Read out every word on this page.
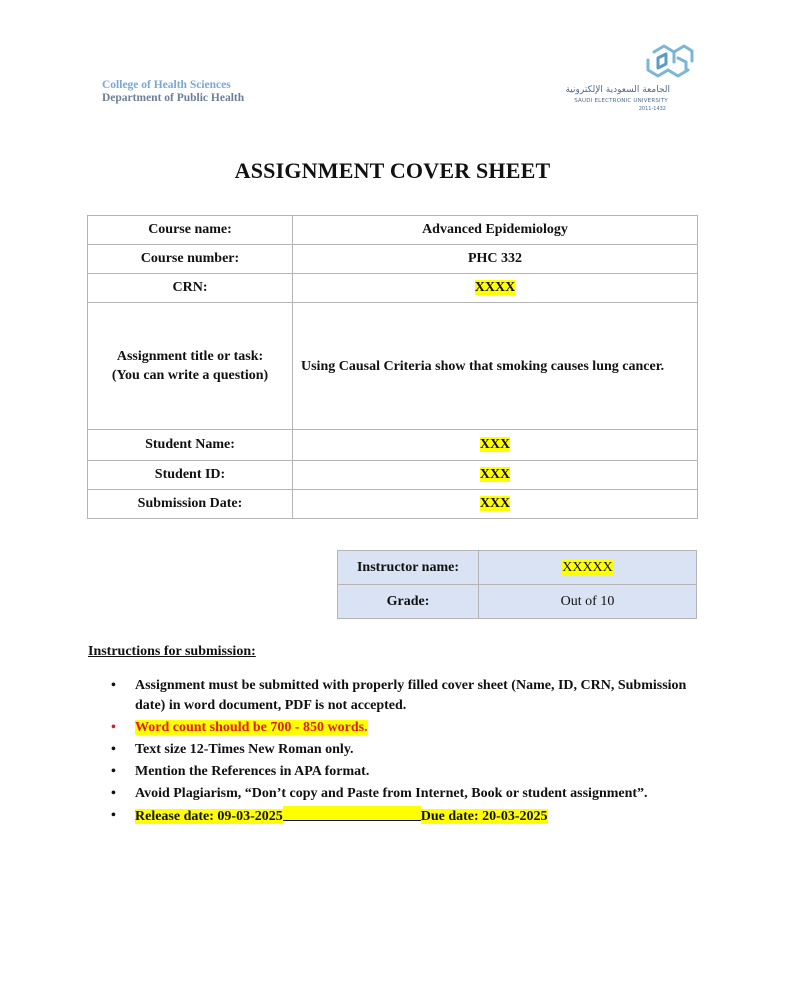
College of Health Sciences
Department of Public Health
الجامعة السعودية الإلكترونية
SAUDI ELECTRONIC UNIVERSITY
2011-1432
ASSIGNMENT COVER SHEET
Course name:	Advanced Epidemiology
Course number:	PHC 332
CRN:	XXXX
Assignment title or task:
(You can write a question)	Using Causal Criteria show that smoking causes lung cancer.
Student Name:	XXX
Student ID:	XXX
Submission Date:	XXX
Instructor name:	XXXXX
Grade:	Out of 10
Instructions for submission:
• Assignment must be submitted with properly filled cover sheet (Name, ID, CRN, Submission date) in word document, PDF is not accepted.
• Word count should be 700 - 850 words.
• Text size 12-Times New Roman only.
• Mention the References in APA format.
• Avoid Plagiarism, “Don’t copy and Paste from Internet, Book or student assignment”.
• Release date: 09-03-2025	Due date: 20-03-2025
